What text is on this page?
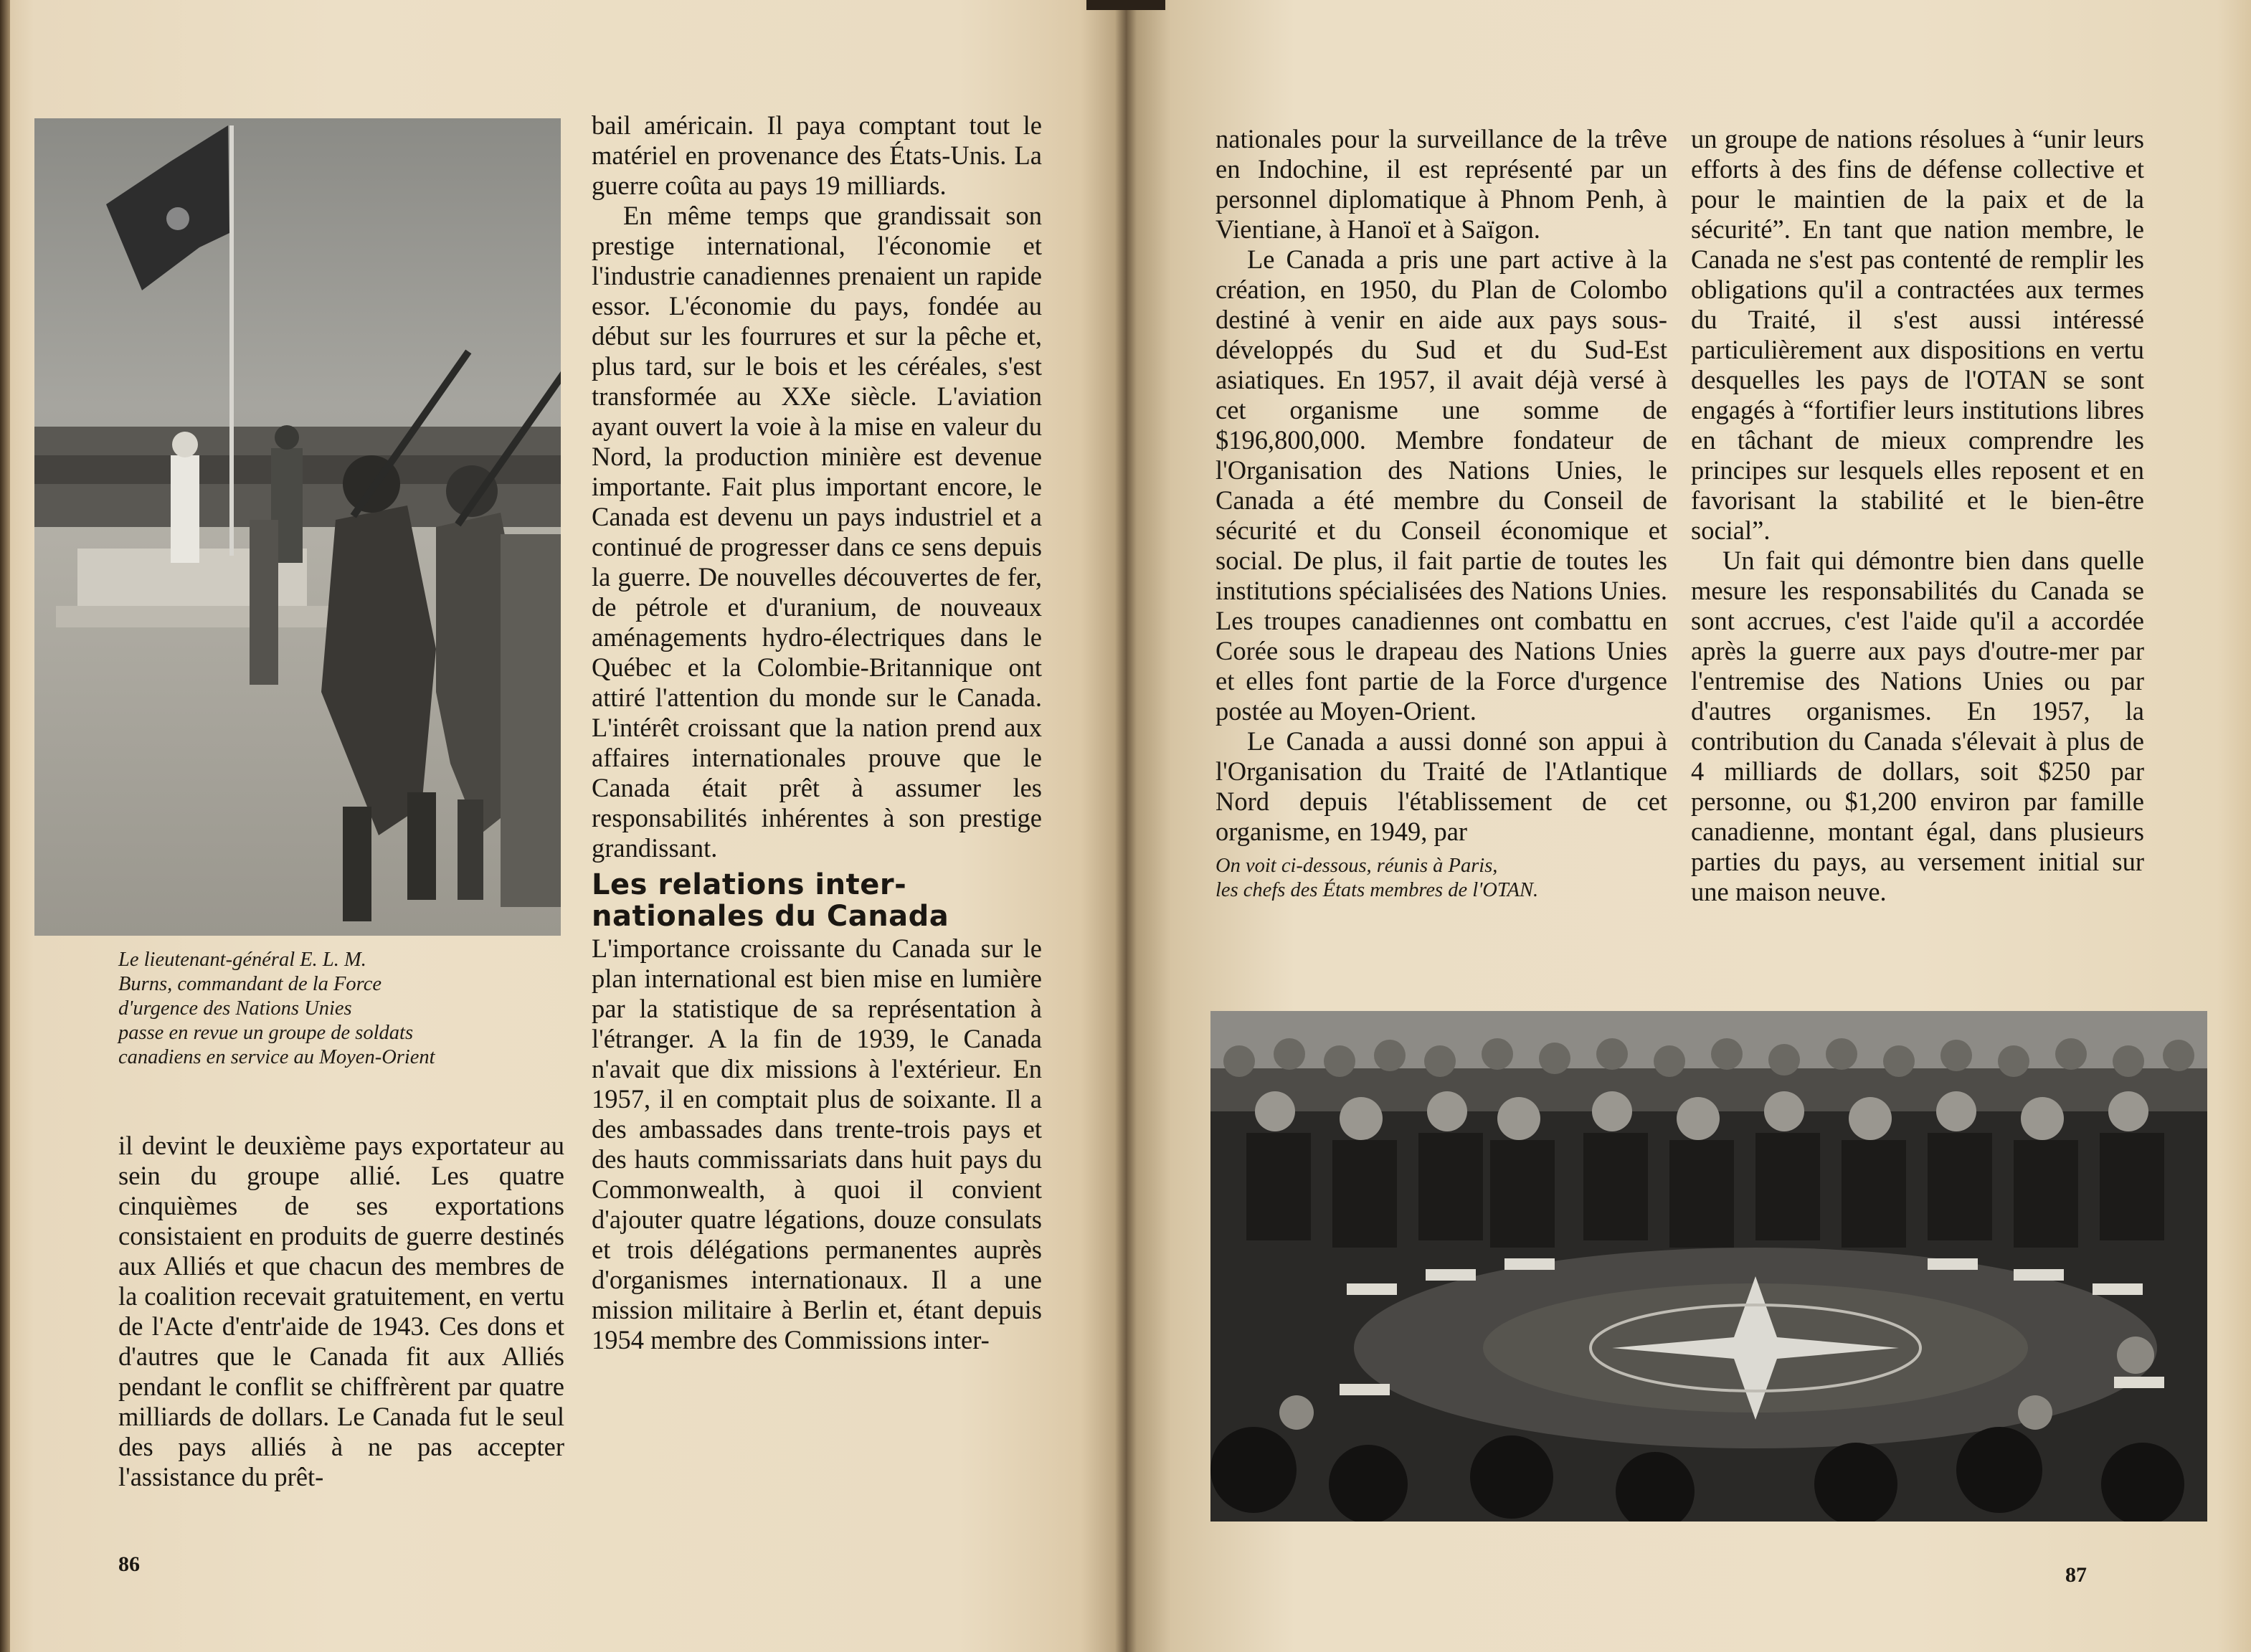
Le lieutenant-général E. L. M.

Burns, commandant de la Force

d'urgence des Nations Unies

passe en revue un groupe de soldats

canadiens en service au Moyen-Orient

il devint le deuxième pays exportateur au sein du groupe allié. Les quatre cinquièmes de ses exportations consistaient en produits de guerre destinés aux Alliés et que chacun des membres de la coalition recevait gratuitement, en vertu de l'Acte d'entr'aide de 1943. Ces dons et d'autres que le Canada fit aux Alliés pendant le conflit se chiffrèrent par quatre milliards de dollars. Le Canada fut le seul des pays alliés à ne pas accepter l'assistance du prêt-

bail américain. Il paya comptant tout le matériel en provenance des États-Unis. La guerre coûta au pays 19 milliards.

En même temps que grandissait son prestige international, l'économie et l'industrie canadiennes prenaient un rapide essor. L'économie du pays, fondée au début sur les fourrures et sur la pêche et, plus tard, sur le bois et les céréales, s'est transformée au XXe siècle. L'aviation ayant ouvert la voie à la mise en valeur du Nord, la production minière est devenue importante. Fait plus important encore, le Canada est devenu un pays industriel et a continué de progresser dans ce sens depuis la guerre. De nouvelles découvertes de fer, de pétrole et d'uranium, de nouveaux aménagements hydro-électriques dans le Québec et la Colombie-Britannique ont attiré l'attention du monde sur le Canada. L'intérêt croissant que la nation prend aux affaires internationales prouve que le Canada était prêt à assumer les responsabilités inhérentes à son prestige grandissant.

Les relations inter-
nationales du Canada

L'importance croissante du Canada sur le plan international est bien mise en lumière par la statistique de sa représentation à l'étranger. A la fin de 1939, le Canada n'avait que dix missions à l'extérieur. En 1957, il en comptait plus de soixante. Il a des ambassades dans trente-trois pays et des hauts commissariats dans huit pays du Commonwealth, à quoi il convient d'ajouter quatre légations, douze consulats et trois délégations permanentes auprès d'organismes internationaux. Il a une mission militaire à Berlin et, étant depuis 1954 membre des Commissions inter-

86

nationales pour la surveillance de la trêve en Indochine, il est représenté par un personnel diplomatique à Phnom Penh, à Vientiane, à Hanoï et à Saïgon.

Le Canada a pris une part active à la création, en 1950, du Plan de Colombo destiné à venir en aide aux pays sous-développés du Sud et du Sud-Est asiatiques. En 1957, il avait déjà versé à cet organisme une somme de $196,800,000. Membre fondateur de l'Organisation des Nations Unies, le Canada a été membre du Conseil de sécurité et du Conseil économique et social. De plus, il fait partie de toutes les institutions spécialisées des Nations Unies. Les troupes canadiennes ont combattu en Corée sous le drapeau des Nations Unies et elles font partie de la Force d'urgence postée au Moyen-Orient.

Le Canada a aussi donné son appui à l'Organisation du Traité de l'Atlantique Nord depuis l'établissement de cet organisme, en 1949, par

On voit ci-dessous, réunis à Paris,

les chefs des États membres de l'OTAN.

un groupe de nations résolues à “unir leurs efforts à des fins de défense collective et pour le maintien de la paix et de la sécurité”. En tant que nation membre, le Canada ne s'est pas contenté de remplir les obligations qu'il a contractées aux termes du Traité, il s'est aussi intéressé particulièrement aux dispositions en vertu desquelles les pays de l'OTAN se sont engagés à “fortifier leurs institutions libres en tâchant de mieux comprendre les principes sur lesquels elles reposent et en favorisant la stabilité et le bien-être social”.

Un fait qui démontre bien dans quelle mesure les responsabilités du Canada se sont accrues, c'est l'aide qu'il a accordée après la guerre aux pays d'outre-mer par l'entremise des Nations Unies ou par d'autres organismes. En 1957, la contribution du Canada s'élevait à plus de 4 milliards de dollars, soit $250 par personne, ou $1,200 environ par famille canadienne, montant égal, dans plusieurs parties du pays, au versement initial sur une maison neuve.

87
